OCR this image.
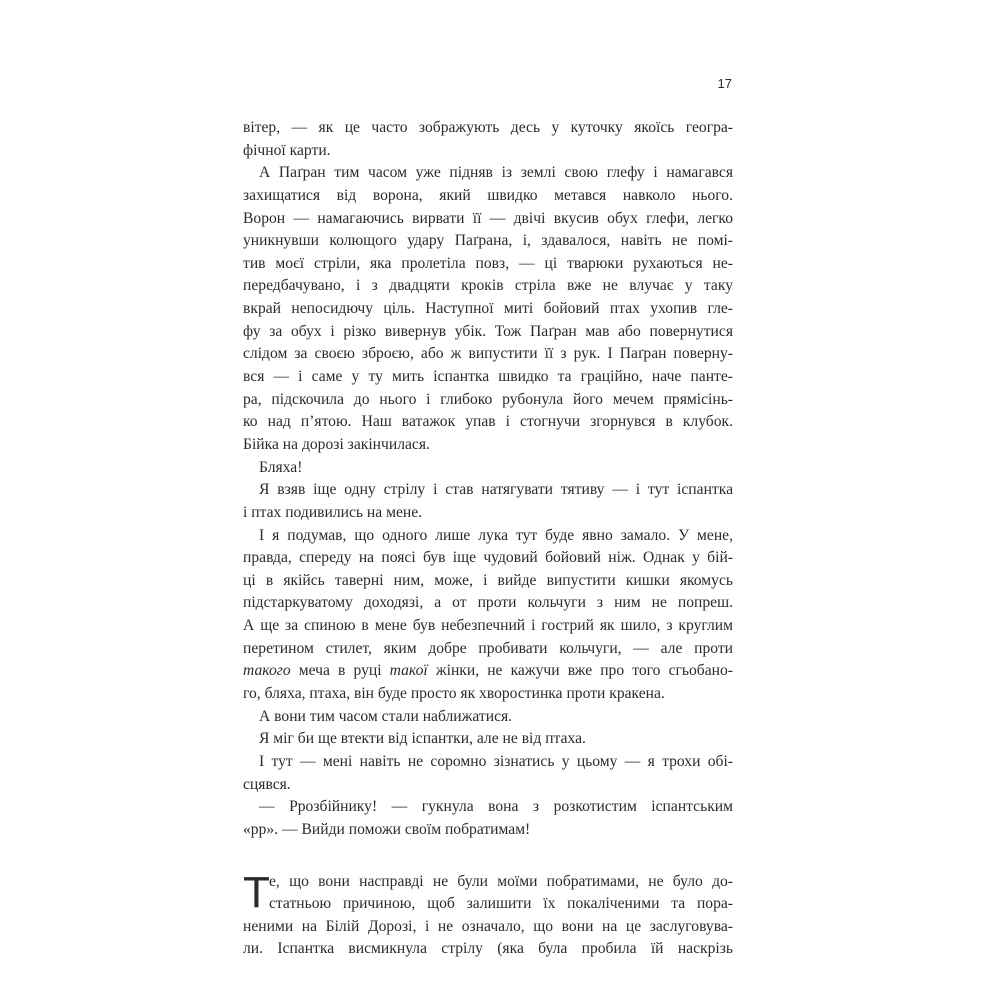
17
вітер, — як це часто зображують десь у куточку якоїсь геогра-
фічної карти.
А Паґран тим часом уже підняв із землі свою глефу і намагався
захищатися від ворона, який швидко метався навколо нього.
Ворон — намагаючись вирвати її — двічі вкусив обух глефи, легко
уникнувши колющого удару Паґрана, і, здавалося, навіть не помі-
тив моєї стріли, яка пролетіла повз, — ці тварюки рухаються не-
передбачувано, і з двадцяти кроків стріла вже не влучає у таку
вкрай непосидючу ціль. Наступної миті бойовий птах ухопив гле-
фу за обух і різко вивернув убік. Тож Паґран мав або повернутися
слідом за своєю зброєю, або ж випустити її з рук. І Паґран поверну-
вся — і саме у ту мить іспантка швидко та граційно, наче панте-
ра, підскочила до нього і глибоко рубонула його мечем прямісінь-
ко над п’ятою. Наш ватажок упав і стогнучи згорнувся в клубок.
Бійка на дорозі закінчилася.
Бляха!
Я взяв іще одну стрілу і став натягувати тятиву — і тут іспантка
і птах подивились на мене.
І я подумав, що одного лише лука тут буде явно замало. У мене,
правда, спереду на поясі був іще чудовий бойовий ніж. Однак у бій-
ці в якійсь таверні ним, може, і вийде випустити кишки якомусь
підстаркуватому доходязі, а от проти кольчуги з ним не попреш.
А ще за спиною в мене був небезпечний і гострий як шило, з круглим
перетином стилет, яким добре пробивати кольчуги, — але проти
такого меча в руці такої жінки, не кажучи вже про того сгьобано-
го, бляха, птаха, він буде просто як хворостинка проти кракена.
А вони тим часом стали наближатися.
Я міг би ще втекти від іспантки, але не від птаха.
І тут — мені навіть не соромно зізнатись у цьому — я трохи обі-
сцявся.
— Ррозбійнику! — гукнула вона з розкотистим іспантським
«рр». — Вийди поможи своїм побратимам!
Т е, що вони насправді не були моїми побратимами, не було до-
статньою причиною, щоб залишити їх покаліченими та пора-
неними на Білій Дорозі, і не означало, що вони на це заслуговува-
ли. Іспантка висмикнула стрілу (яка була пробила їй наскрізь
